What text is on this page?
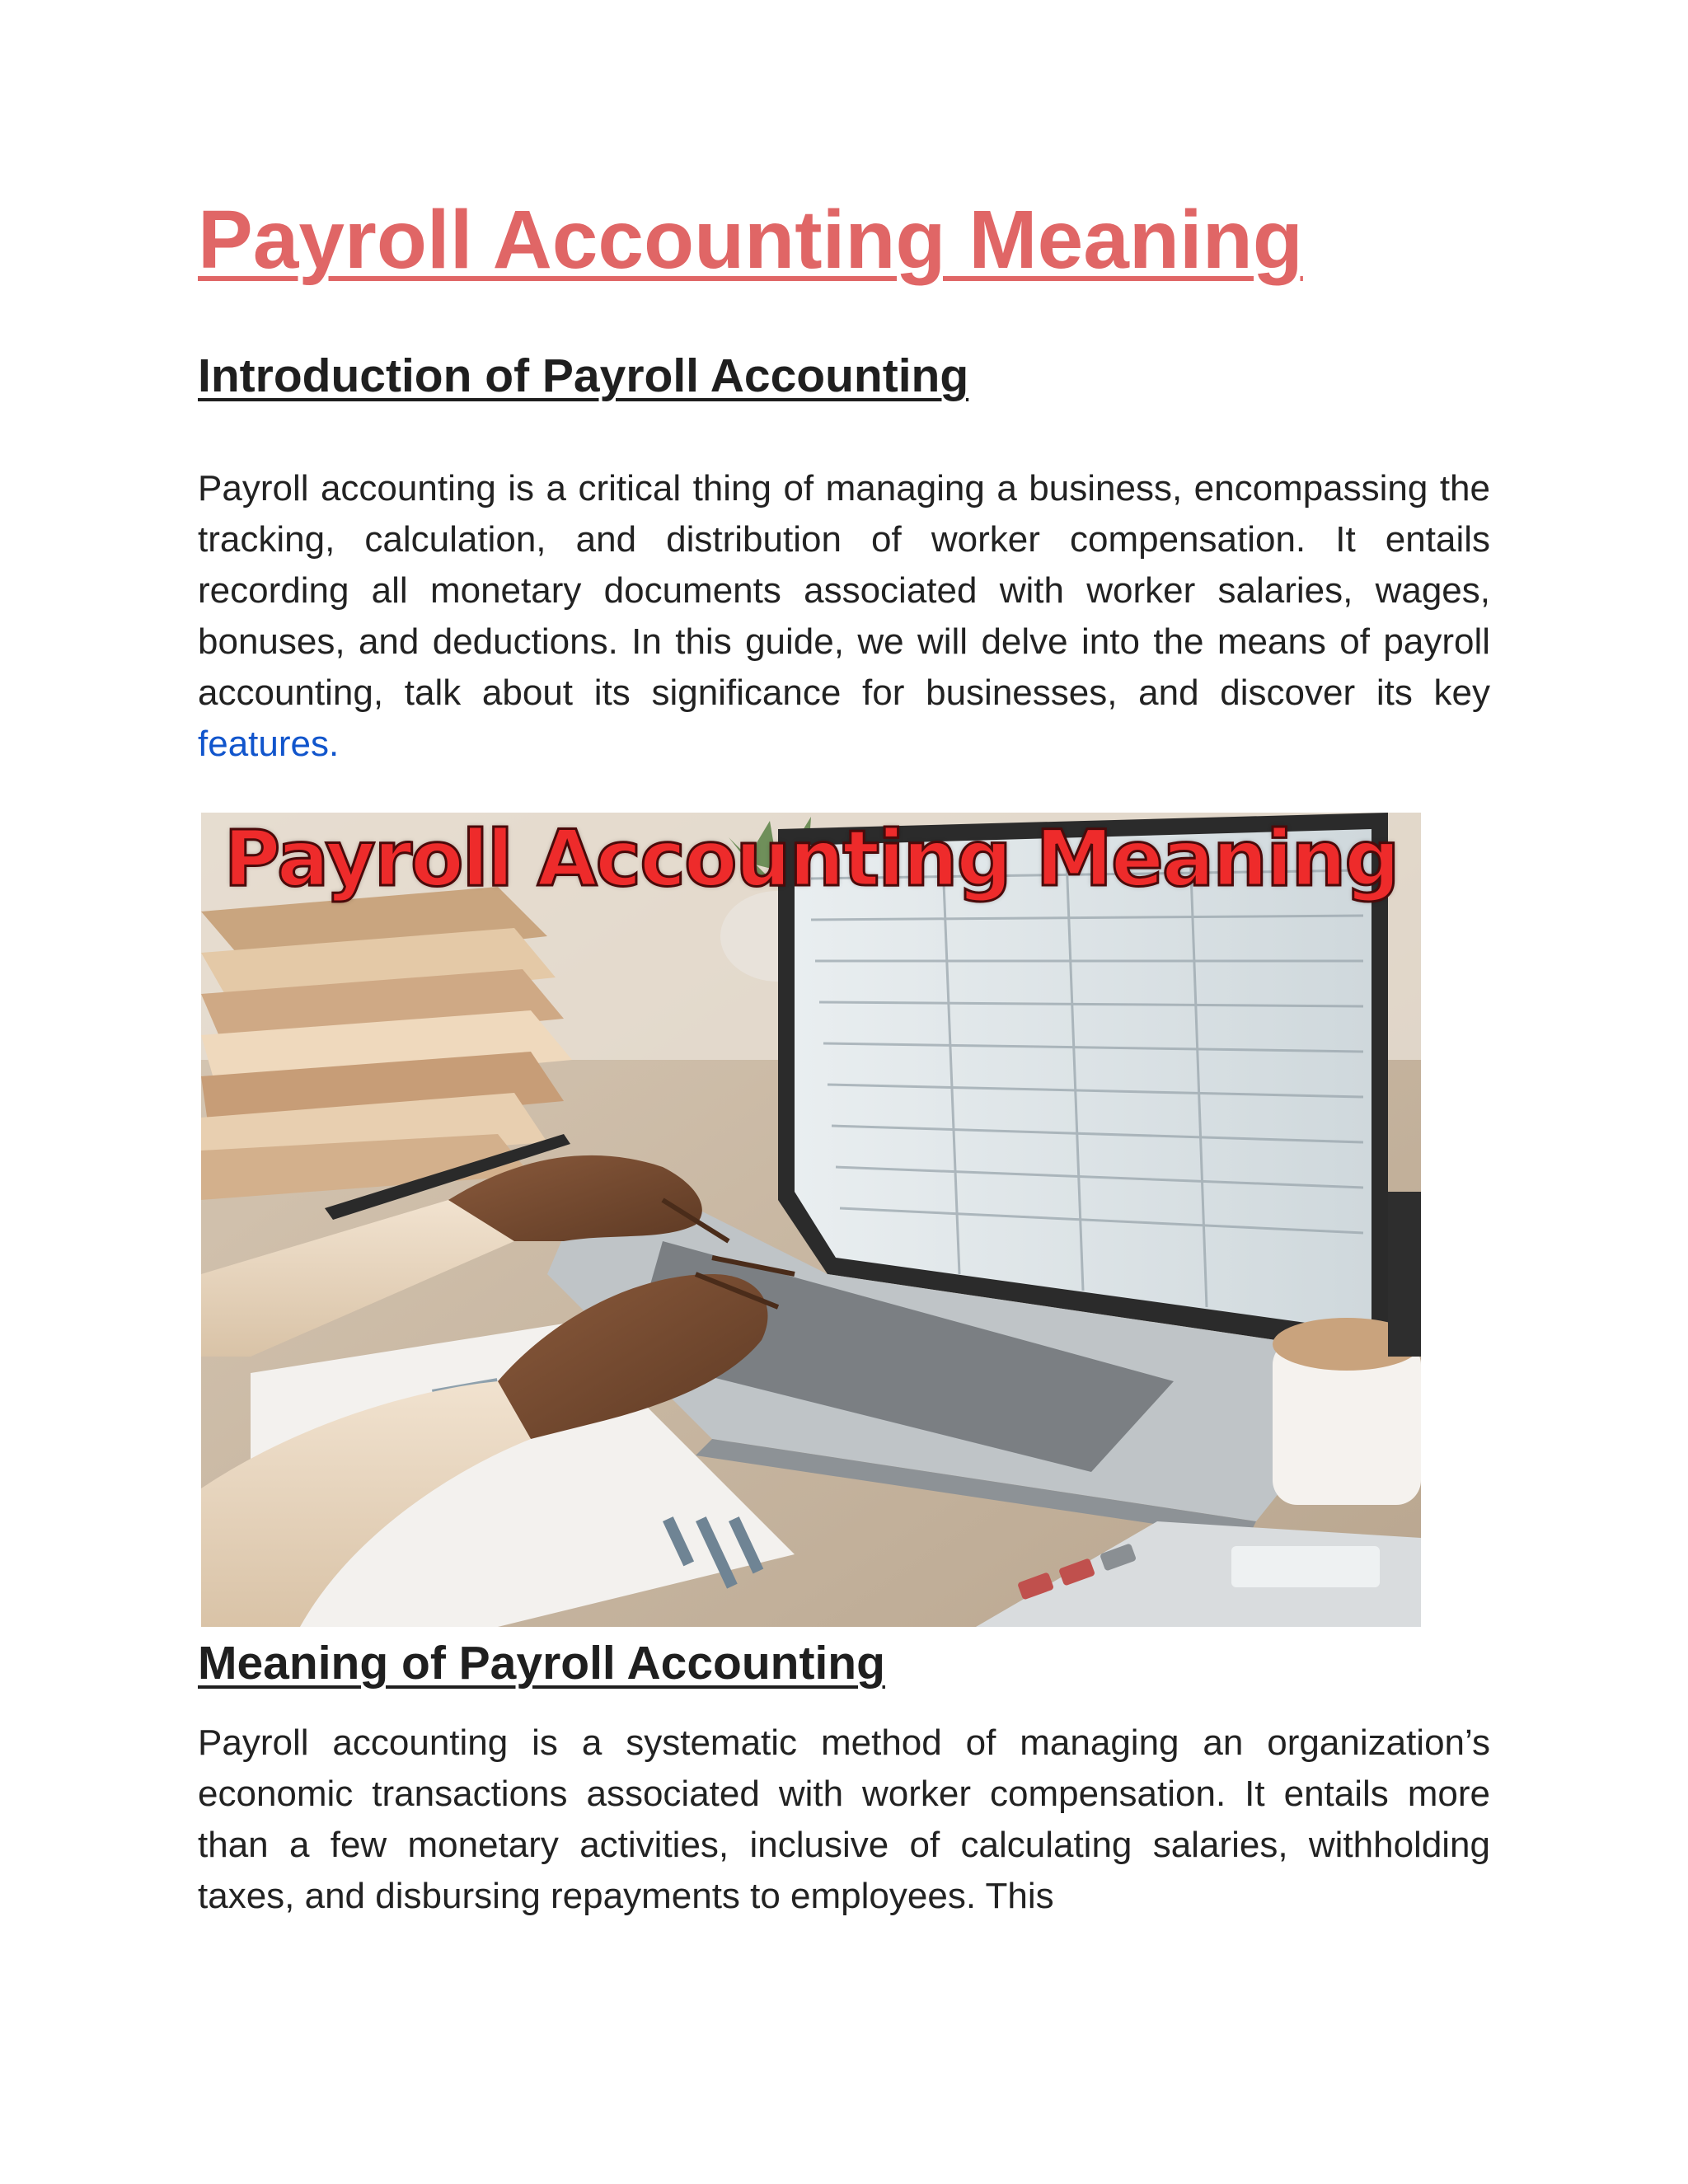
Payroll Accounting Meaning
Introduction of Payroll Accounting

Payroll accounting is a critical thing of managing a business, encompassing the tracking, calculation, and distribution of worker compensation. It entails recording all monetary documents associated with worker salaries, wages, bonuses, and deductions. In this guide, we will delve into the means of payroll accounting, talk about its significance for businesses, and discover its key features.

Payroll Accounting Meaning
Meaning of Payroll Accounting

Payroll accounting is a systematic method of managing an organization’s economic transactions associated with worker compensation. It entails more than a few monetary activities, inclusive of calculating salaries, withholding taxes, and disbursing repayments to employees. This
